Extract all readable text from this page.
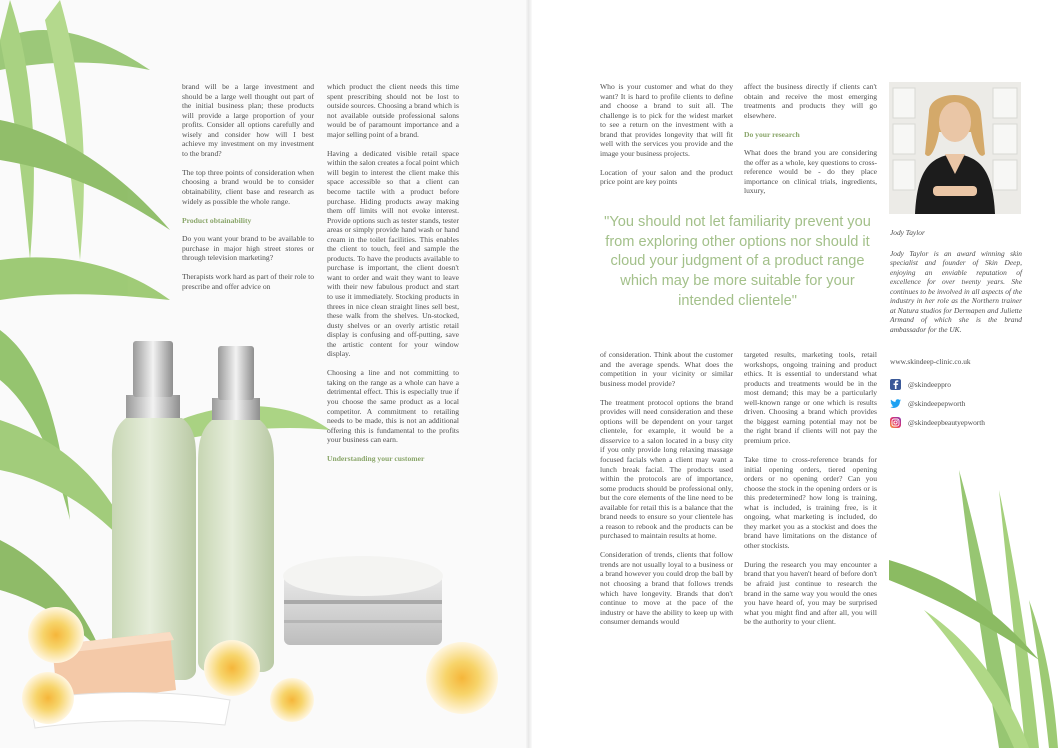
brand will be a large investment and should be a large well thought out part of the initial business plan; these products will provide a large proportion of your profits. Consider all options carefully and wisely and consider how will I best achieve my investment on my investment to the brand?

The top three points of consideration when choosing a brand would be to consider obtainability, client base and research as widely as possible the whole range.

Product obtainability

Do you want your brand to be available to purchase in major high street stores or through television marketing?

Therapists work hard as part of their role to prescribe and offer advice on

which product the client needs this time spent prescribing should not be lost to outside sources. Choosing a brand which is not available outside professional salons would be of paramount importance and a major selling point of a brand.

Having a dedicated visible retail space within the salon creates a focal point which will begin to interest the client make this space accessible so that a client can become tactile with a product before purchase. Hiding products away making them off limits will not evoke interest. Provide options such as tester stands, tester areas or simply provide hand wash or hand cream in the toilet facilities. This enables the client to touch, feel and sample the products. To have the products available to purchase is important, the client doesn't want to order and wait they want to leave with their new fabulous product and start to use it immediately. Stocking products in threes in nice clean straight lines sell best, these walk from the shelves. Un-stocked, dusty shelves or an overly artistic retail display is confusing and off-putting, save the artistic content for your window display.

Choosing a line and not committing to taking on the range as a whole can have a detrimental effect. This is especially true if you choose the same product as a local competitor. A commitment to retailing needs to be made, this is not an additional offering this is fundamental to the profits your business can earn.

Understanding your customer

Who is your customer and what do they want? It is hard to profile clients to define and choose a brand to suit all. The challenge is to pick for the widest market to see a return on the investment with a brand that provides longevity that will fit well with the services you provide and the image your business projects.

Location of your salon and the product price point are key points

affect the business directly if clients can't obtain and receive the most emerging treatments and products they will go elsewhere.

Do your research

What does the brand you are considering the offer as a whole, key questions to cross-reference would be - do they place importance on clinical trials, ingredients, luxury,

"You should not let familiarity prevent you from exploring other options nor should it cloud your judgment of a product range which may be more suitable for your intended clientele"

of consideration. Think about the customer and the average spends. What does the competition in your vicinity or similar business model provide?

The treatment protocol options the brand provides will need consideration and these options will be dependent on your target clientele, for example, it would be a disservice to a salon located in a busy city if you only provide long relaxing massage focused facials when a client may want a lunch break facial. The products used within the protocols are of importance, some products should be professional only, but the core elements of the line need to be available for retail this is a balance that the brand needs to ensure so your clientele has a reason to rebook and the products can be purchased to maintain results at home.

Consideration of trends, clients that follow trends are not usually loyal to a business or a brand however you could drop the ball by not choosing a brand that follows trends which have longevity. Brands that don't continue to move at the pace of the industry or have the ability to keep up with consumer demands would

targeted results, marketing tools, retail workshops, ongoing training and product ethics. It is essential to understand what products and treatments would be in the most demand; this may be a particularly well-known range or one which is results driven. Choosing a brand which provides the biggest earning potential may not be the right brand if clients will not pay the premium price.

Take time to cross-reference brands for initial opening orders, tiered opening orders or no opening order? Can you choose the stock in the opening orders or is this predetermined? how long is training, what is included, is training free, is it ongoing, what marketing is included, do they market you as a stockist and does the brand have limitations on the distance of other stockists.

During the research you may encounter a brand that you haven't heard of before don't be afraid just continue to research the brand in the same way you would the ones you have heard of, you may be surprised what you might find and after all, you will be the authority to your client.

Jody Taylor

Jody Taylor is an award winning skin specialist and founder of Skin Deep, enjoying an enviable reputation of excellence for over twenty years. She continues to be involved in all aspects of the industry in her role as the Northern trainer at Natura studios for Dermapen and Juliette Armand of which she is the brand ambassador for the UK.

www.skindeep-clinic.co.uk
@skindeeppro
@skindeepepworth
@skindeepbeautyepworth
